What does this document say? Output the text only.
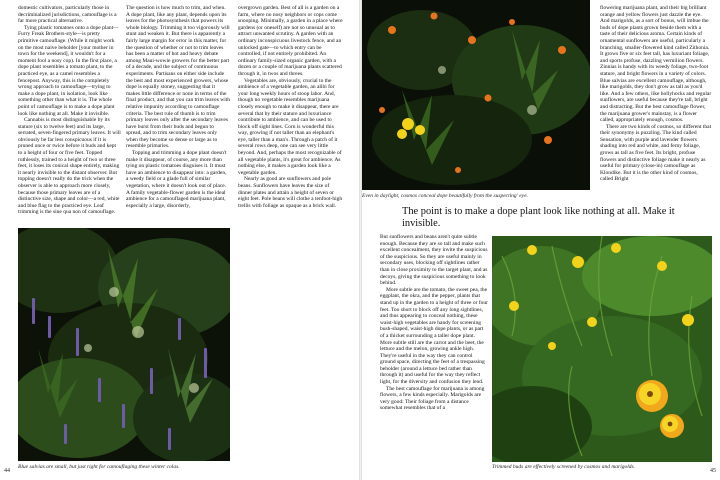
domestic cultivators, particularly those in decriminalized jurisdictions, camouflage is a far more practical alternative.

Tying plastic tomatoes onto a dope plant—Furry Freak Brothers-style—is pretty primitive camouflage. (While it might work on the most naive beholder [your mother in town for the weekend], it wouldn't for a moment fool a nosy cop). In the first place, a dope plant resembles a tomato plant, to the practiced eye, as a camel resembles a fencepost. Anyway, this is the completely wrong approach to camouflage—trying to make a dope plant, in isolation, look like something other than what it is. The whole point of camouflage is to make a dope plant look like nothing at all. Make it invisible.

Cannabis is most distinguishable by its stature (six to twelve feet) and its large, serrated, seven-fingered primary leaves. It will obviously be far less conspicuous if it is pruned once or twice before it buds and kept to a height of four or five feet. Topped ruthlessly, trained to a height of two or three feet, it loses its conical shape entirely, making it nearly invisible to the distant observer. But topping doesn't really do the trick when the observer is able to approach more closely, because those primary leaves are of a distinctive size, shape and color—a red, white and blue flag to the practiced eye. Leaf trimming is the sine qua non of camouflage.

The question is how much to trim, and when. A dope plant, like any plant, depends upon its leaves for the photosynthesis that powers its whole biology. Trimming it too vigorously will stunt and weaken it. But there is apparently a fairly large margin for error in this matter, for the question of whether or not to trim leaves has been a matter of hot and heavy debate among Maui-wowie growers for the better part of a decade, and the subject of continuous experiments. Partisans on either side include the best and most experienced growers, whose dope is equally stoney, suggesting that it makes little difference or none in terms of the final product, and that you can trim leaves with relative impunity according to camouflage criteria. The best rule of thumb is to trim primary leaves only after the secondary leaves have burst from their buds and begun to spread, and to trim secondary leaves only when they become so dense or large as to resemble primaries.

Topping and trimming a dope plant doesn't make it disappear, of course, any more than tying on plastic tomatoes disguises it. It must have an ambience to disappear into: a garden, a weedy field or a glade full of similar vegetation, where it doesn't look out of place. A family vegetable-flower garden is the ideal ambience for a camouflaged marijuana plant, especially a large, disorderly,

overgrown garden. Best of all is a garden on a farm, where no nosy neighbors or cops come snooping. Minimally, a garden in a place where gardens (or oneself) are not so unusual as to attract unwanted scrutiny. A garden with an ordinary inconspicuous livestock fence, and an unlocked gate—to which entry can be controlled, if not entirely prohibited. An ordinary family-sized organic garden, with a dozen or a couple of marijuana plants scattered through it, in twos and threes.

Vegetables are, obviously, crucial to the ambience of a vegetable garden, an alibi for your long weekly hours of stoop labor. And, though no vegetable resembles marijuana closely enough to make it disappear, there are several that by their stature and luxuriance contribute to ambience, and can be used to block off sight lines. Corn is wonderful this way, growing if not taller than an elephant's eye, taller than a man's. Through a patch of it several rows deep, one can see very little beyond. And, perhaps the most recognizable of all vegetable plants, it's great for ambience. As nothing else, it makes a garden look like a vegetable garden.

Nearly as good are sunflowers and pole beans. Sunflowers have leaves the size of dinner plates and attain a height of seven or eight feet. Pole beans will clothe a tenfoot-high trellis with foliage as opaque as a brick wall.

Blue salvias are small, but just right for camouflaging these winter colas.
44
Even in daylight, cosmos conceal dope beautifully from the suspecting' eye.

flowering marijuana plant, and their big brilliant orange and yellow flowers just dazzle the eye. And marigolds, as a sort of bonus, will imbue the buds of dope plants grown beside them with a taste of their delicious aroma. Certain kinds of ornamental sunflowers are useful, particularly a branching, smaller-flowered kind called Zithonia. It grows five or six feet tall, has luxuriant foliage, and sports profuse, dazzling vermilion flowers. Zinnias is handy with its weedy foliage, two-foot stature, and bright flowers in a variety of colors. Blue salvias are excellent camouflage, although, like marigolds, they don't grow as tall as you'd like. And a few others, like hollyhocks and regular sunflowers, are useful because they're tall, bright and distracting. But the best camouflage flower, the marijuana grower's mainstay, is a flower called, appropriately enough, cosmos.

There are two kinds of cosmos, so different that their synonymy is puzzling. The kind called Sensation, with purple and lavender flowers shading into red and white, and ferny foliage, grows as tall as five feet. Its bright, profuse flowers and distinctive foliage make it nearly as useful for primary (close-in) camouflage as Klondike. But it is the other kind of cosmos, called Bright

The point is to make a dope plant look like nothing at all. Make it invisible.

But sunflowers and beans aren't quite subtle enough. Because they are so tall and make such excellent concealment, they invite the suspicious of the suspicious. So they are useful mainly in secondary uses, blocking off sightlines rather than in close proximity to the target plant, and as decoys, giving the suspicious something to look behind.

More subtle are the tomato, the sweet pea, the eggplant, the okra, and the pepper, plants that stand up in the garden to a height of three or four feet. Too short to block off any long sightlines, and thus appearing to conceal nothing, these waist-high vegetables are handy for screening bush-shaped, waist-high dope plants, or as part of a thicket surrounding a taller dope plant. More subtle still are the carrot and the beet, the lettuce and the melon, growing ankle high. They're useful in the way they can control ground space, directing the feet of a trespassing beholder (around a lettuce bed rather than through it) and useful for the way they reflect light, for the diversity and confusion they lend.

The best camouflage for marijuana is among flowers, a few kinds especially. Marigolds are very good: Their foliage from a distance somewhat resembles that of a

Trimmed buds are effectively screened by cosmos and marigolds.
45
